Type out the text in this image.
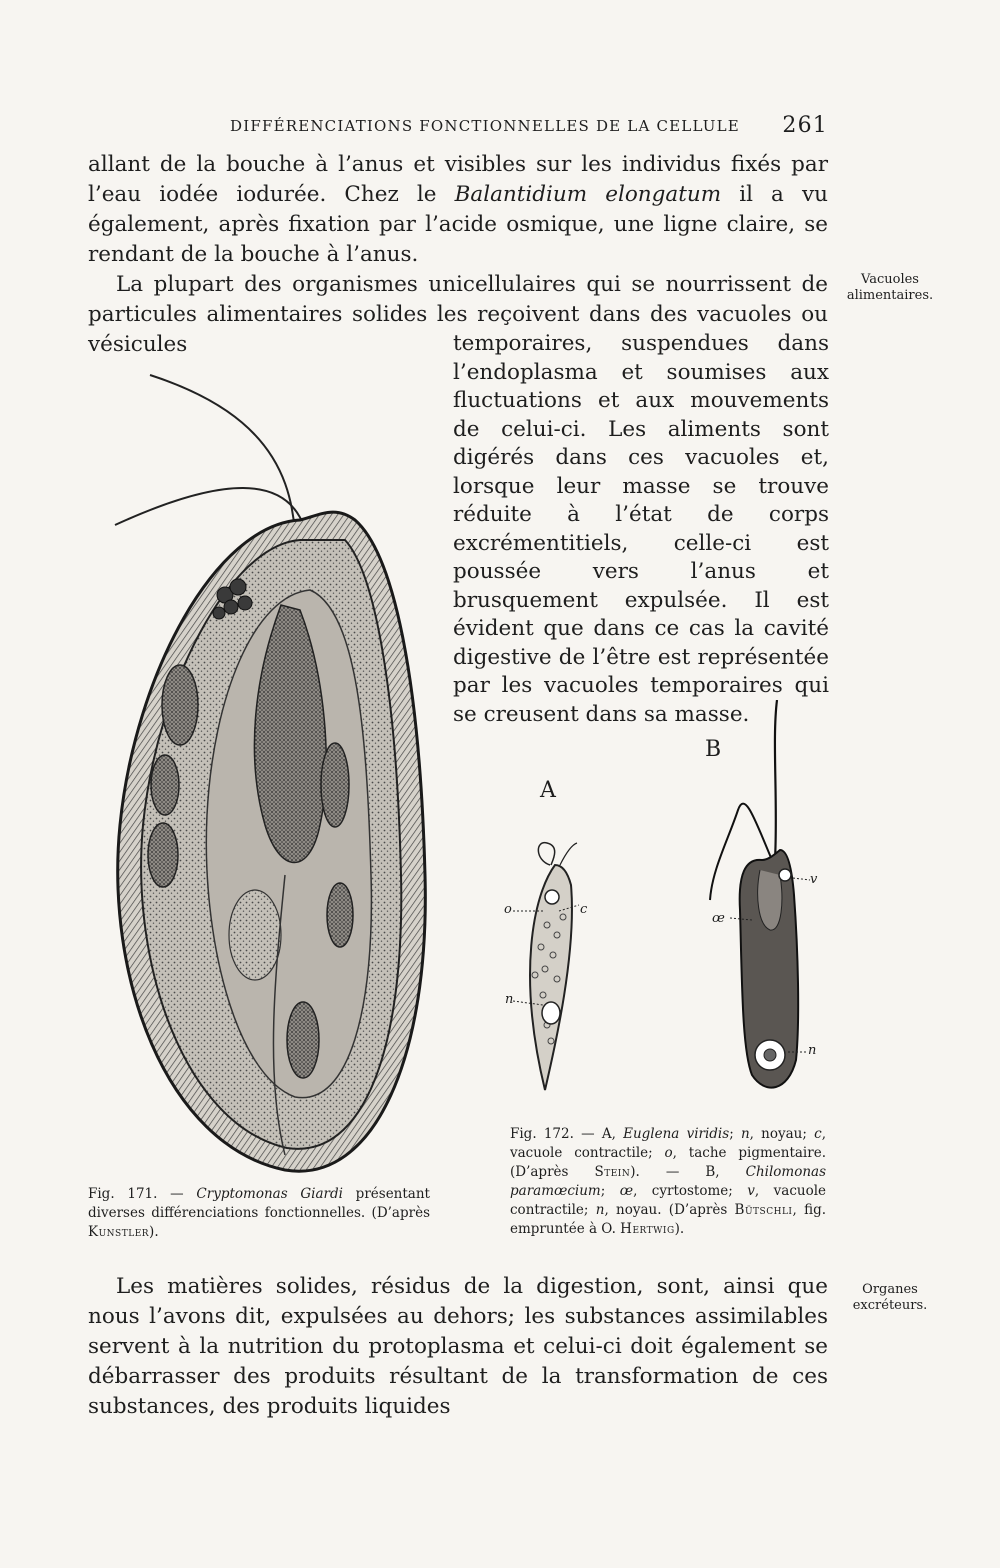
DIFFÉRENCIATIONS FONCTIONNELLES DE LA CELLULE 261

allant de la bouche à l’anus et visibles sur les individus fixés par l’eau iodée iodurée. Chez le Balantidium elongatum il a vu également, après fixation par l’acide osmique, une ligne claire, se rendant de la bouche à l’anus.

La plupart des organismes unicellulaires qui se nourrissent de particules alimentaires solides les reçoivent dans des vacuoles ou vésicules	temporaires, suspendues dans l’endoplasma et soumises aux fluctuations et aux mouvements de celui-ci. Les aliments sont digérés dans ces vacuoles et, lorsque leur masse se trouve réduite à l’état de corps excrémentitiels, celle-ci est poussée vers l’anus et brusquement expulsée. Il est évident que dans ce cas la cavité digestive de l’être est représentée par les vacuoles temporaires qui se creusent dans sa masse.

Vacuoles alimentaires.
Organes excréteurs.

Fig. 171. — Cryptomonas Giardi présentant diverses différenciations fonctionnelles. (D’après Kunstler).

A
B
o	c
n
v
œ
n

Fig. 172. — A, Euglena viridis; n, noyau; c, vacuole contractile; o, tache pigmentaire. (D’après Stein). — B, Chilomonas paramœcium; œ, cyrtostome; v, vacuole contractile; n, noyau. (D’après Bütschli, fig. empruntée à O. Hertwig).

Les matières solides, résidus de la digestion, sont, ainsi que nous l’avons dit, expulsées au dehors; les substances assimilables servent à la nutrition du protoplasma et celui-ci doit également se débarrasser des produits résultant de la transformation de ces substances, des produits liquides
